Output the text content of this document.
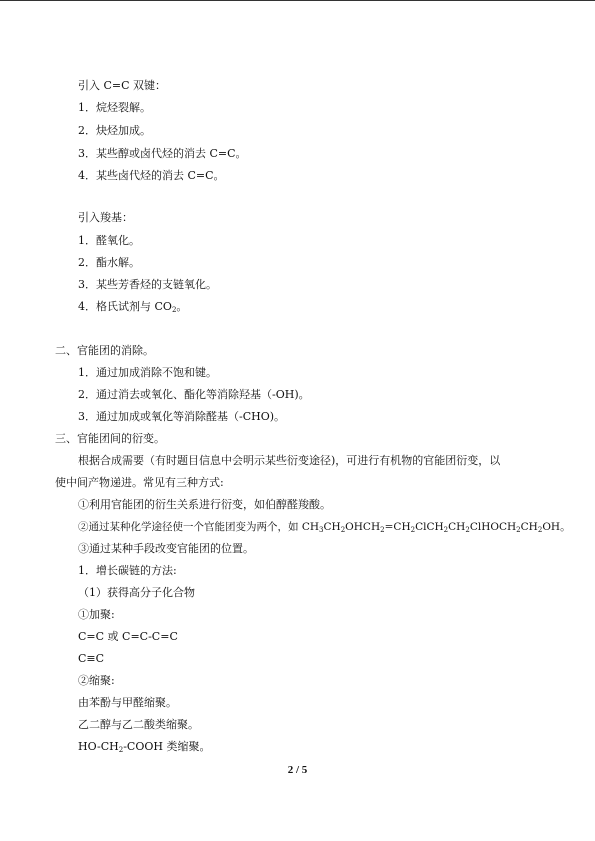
引入 C=C 双键：
1．烷烃裂解。
2．炔烃加成。
3．某些醇或卤代烃的消去 C=C。
4．某些卤代烃的消去 C=C。
引入羧基：
1．醛氧化。
2．酯水解。
3．某些芳香烃的支链氧化。
4．格氏试剂与 $CO_2$。
二、官能团的消除。
1．通过加成消除不饱和键。
2．通过消去或氧化、酯化等消除羟基（-OH)。
3．通过加成或氧化等消除醛基（-CHO)。
三、官能团间的衍变。
根据合成需要（有时题目信息中会明示某些衍变途径)，可进行有机物的官能团衍变，以
使中间产物递进。常见有三种方式:
①利用官能团的衍生关系进行衍变，如伯醇醛羧酸。
②通过某种化学途径使一个官能团变为两个，如 $CH_3CH_2OHCH_2=CH_2ClCH_2CH_2ClHOCH_2CH_2OH$。
③通过某种手段改变官能团的位置。
1．增长碳链的方法:
（1）获得高分子化合物
①加聚:
C=C 或 C=C-C=C
C≡C
②缩聚:
由苯酚与甲醛缩聚。
乙二醇与乙二酸类缩聚。
$HO-CH_2$-COOH 类缩聚。
2 / 5
